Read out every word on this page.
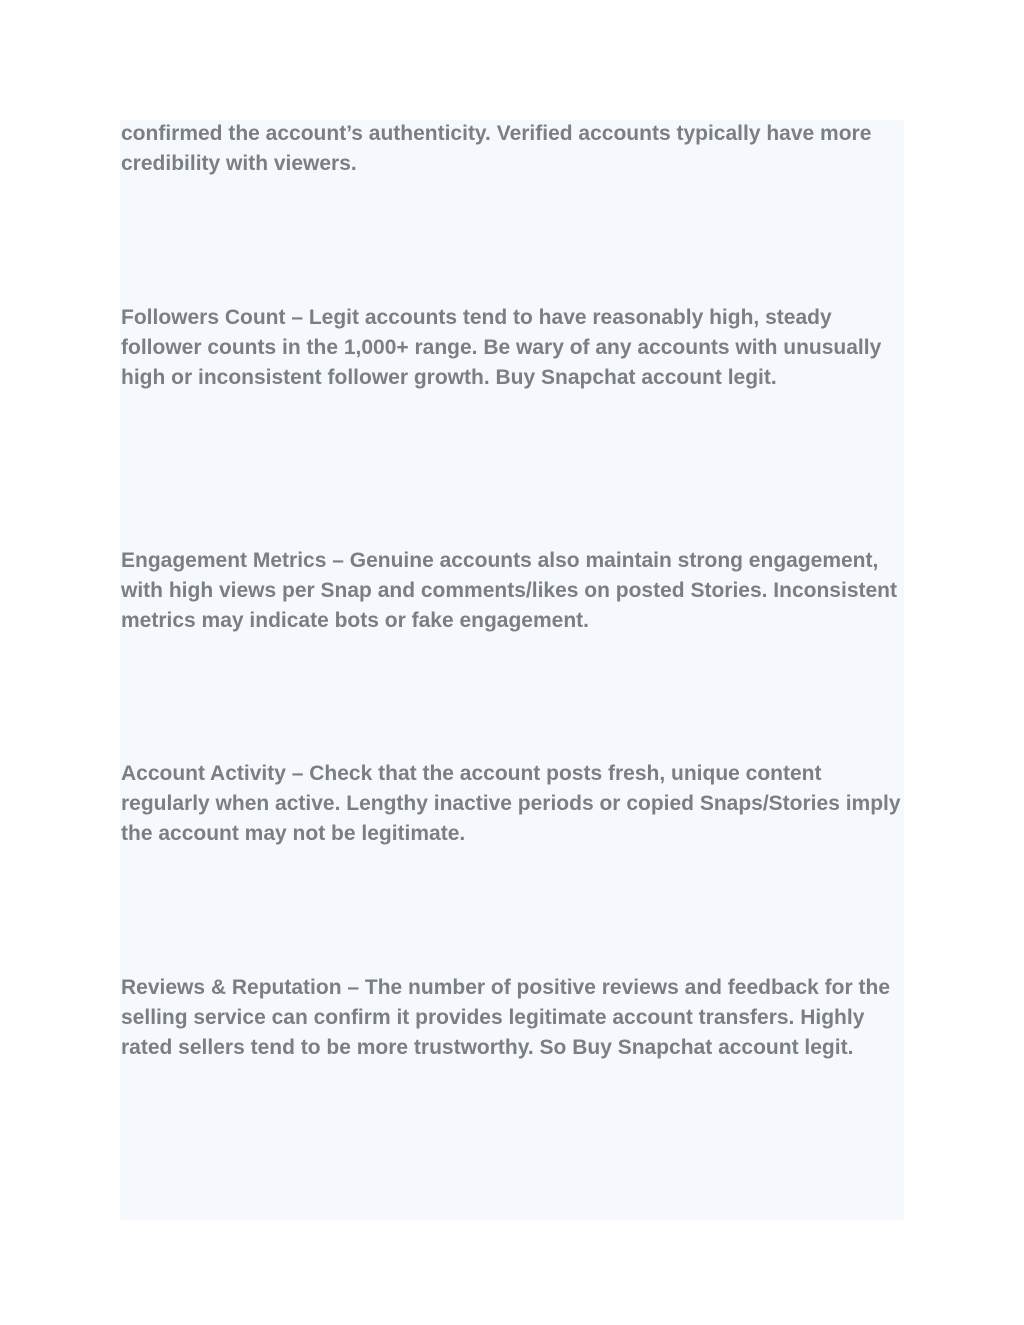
confirmed the account’s authenticity. Verified accounts typically have more credibility with viewers.

Followers Count – Legit accounts tend to have reasonably high, steady follower counts in the 1,000+ range. Be wary of any accounts with unusually high or inconsistent follower growth. Buy Snapchat account legit.

Engagement Metrics – Genuine accounts also maintain strong engagement, with high views per Snap and comments/likes on posted Stories. Inconsistent metrics may indicate bots or fake engagement.

Account Activity – Check that the account posts fresh, unique content regularly when active. Lengthy inactive periods or copied Snaps/Stories imply the account may not be legitimate.

Reviews & Reputation – The number of positive reviews and feedback for the selling service can confirm it provides legitimate account transfers. Highly rated sellers tend to be more trustworthy. So Buy Snapchat account legit.
